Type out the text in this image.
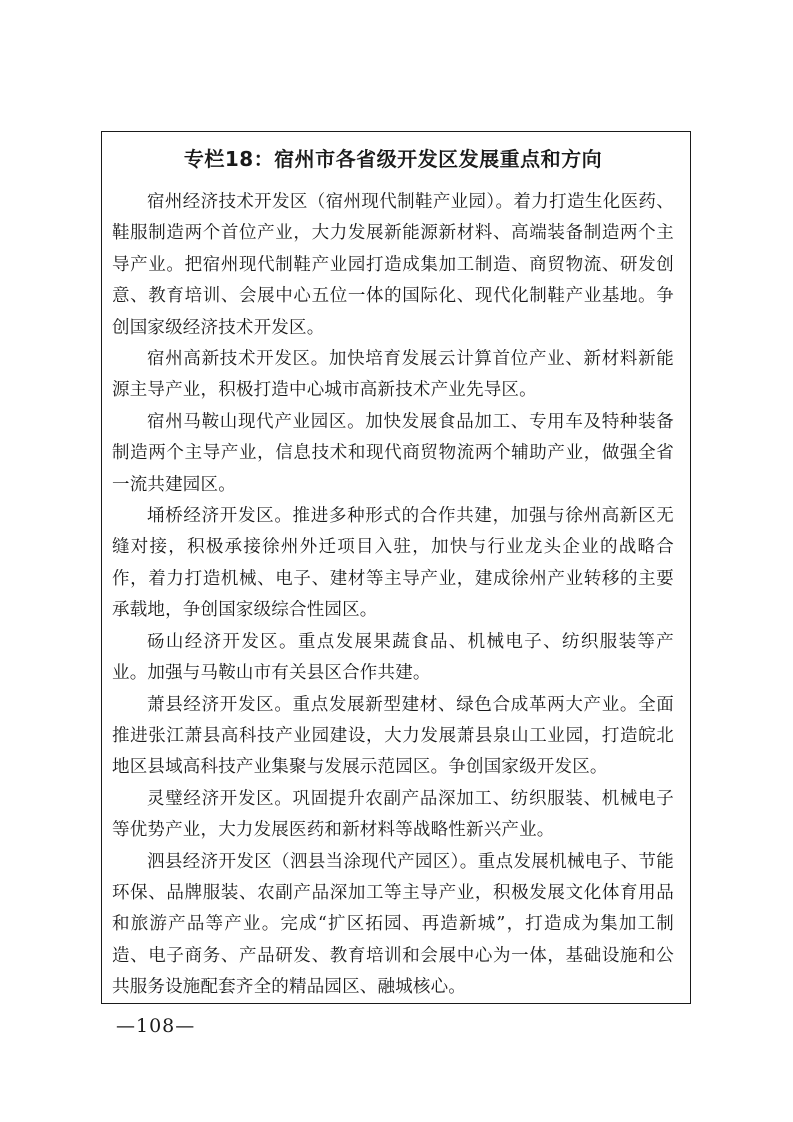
专栏18：宿州市各省级开发区发展重点和方向

宿州经济技术开发区（宿州现代制鞋产业园）。着力打造生化医药、鞋服制造两个首位产业，大力发展新能源新材料、高端装备制造两个主导产业。把宿州现代制鞋产业园打造成集加工制造、商贸物流、研发创意、教育培训、会展中心五位一体的国际化、现代化制鞋产业基地。争创国家级经济技术开发区。

宿州高新技术开发区。加快培育发展云计算首位产业、新材料新能源主导产业，积极打造中心城市高新技术产业先导区。

宿州马鞍山现代产业园区。加快发展食品加工、专用车及特种装备制造两个主导产业，信息技术和现代商贸物流两个辅助产业，做强全省一流共建园区。

埇桥经济开发区。推进多种形式的合作共建，加强与徐州高新区无缝对接，积极承接徐州外迁项目入驻，加快与行业龙头企业的战略合作，着力打造机械、电子、建材等主导产业，建成徐州产业转移的主要承载地，争创国家级综合性园区。

砀山经济开发区。重点发展果蔬食品、机械电子、纺织服装等产业。加强与马鞍山市有关县区合作共建。

萧县经济开发区。重点发展新型建材、绿色合成革两大产业。全面推进张江萧县高科技产业园建设，大力发展萧县泉山工业园，打造皖北地区县域高科技产业集聚与发展示范园区。争创国家级开发区。

灵璧经济开发区。巩固提升农副产品深加工、纺织服装、机械电子等优势产业，大力发展医药和新材料等战略性新兴产业。

泗县经济开发区（泗县当涂现代产园区）。重点发展机械电子、节能环保、品牌服装、农副产品深加工等主导产业，积极发展文化体育用品和旅游产品等产业。完成“扩区拓园、再造新城”，打造成为集加工制造、电子商务、产品研发、教育培训和会展中心为一体，基础设施和公共服务设施配套齐全的精品园区、融城核心。

—108—
